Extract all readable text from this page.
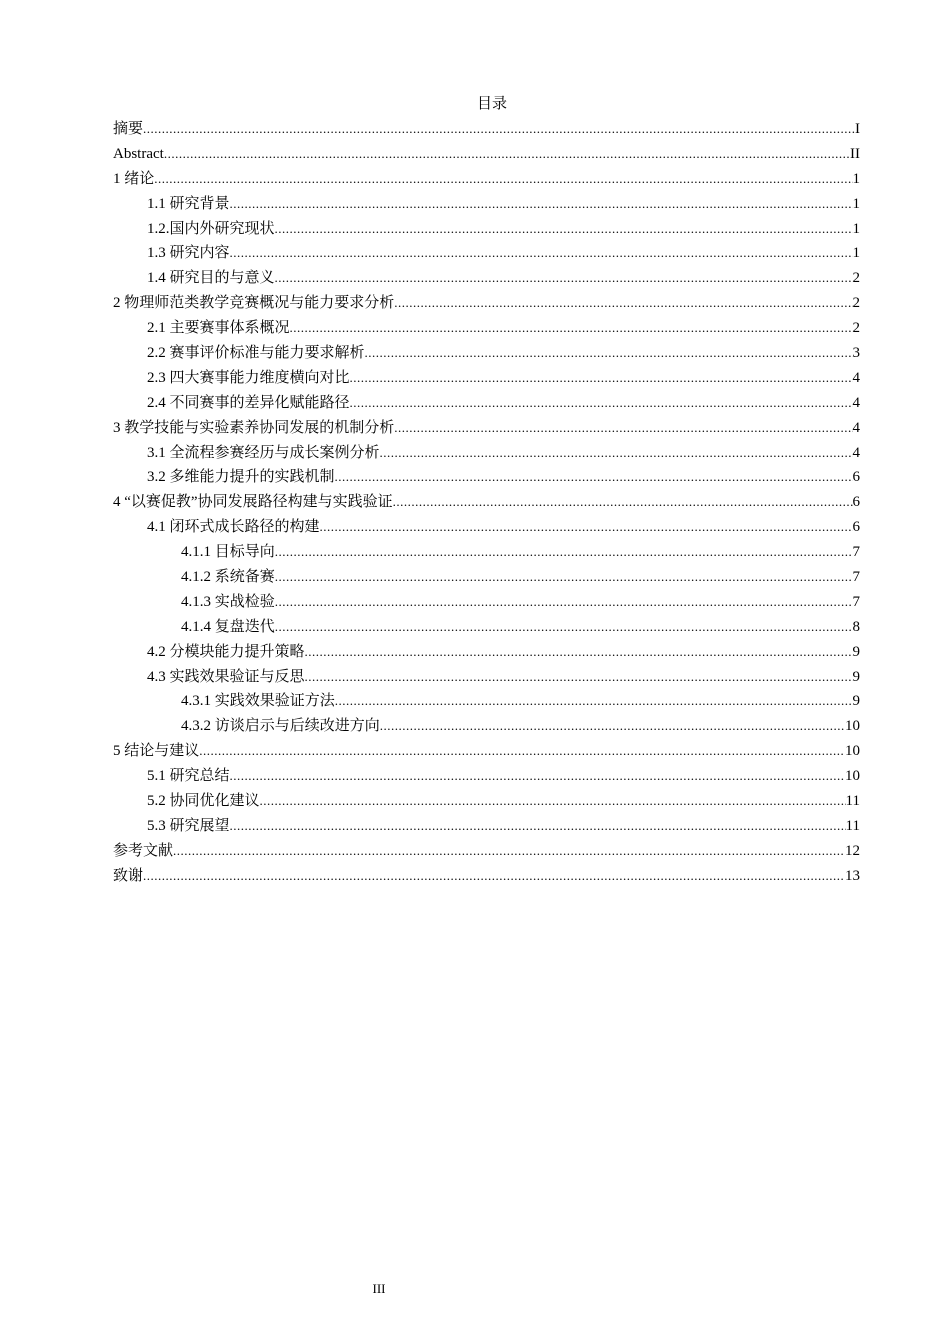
目录
摘要 .....	I
Abstract .....	II
1 绪论 .....	1
1.1 研究背景 .....	1
1.2.国内外研究现状 .....	1
1.3 研究内容 .....	1
1.4 研究目的与意义 .....	2
2 物理师范类教学竞赛概况与能力要求分析 .....	2
2.1 主要赛事体系概况 .....	2
2.2 赛事评价标准与能力要求解析 .....	3
2.3 四大赛事能力维度横向对比 .....	4
2.4 不同赛事的差异化赋能路径 .....	4
3 教学技能与实验素养协同发展的机制分析 .....	4
3.1 全流程参赛经历与成长案例分析 .....	4
3.2 多维能力提升的实践机制 .....	6
4 “以赛促教”协同发展路径构建与实践验证 .....	6
4.1 闭环式成长路径的构建 .....	6
4.1.1 目标导向 .....	7
4.1.2 系统备赛 .....	7
4.1.3 实战检验 .....	7
4.1.4 复盘迭代 .....	8
4.2 分模块能力提升策略 .....	9
4.3 实践效果验证与反思 .....	9
4.3.1 实践效果验证方法 .....	9
4.3.2 访谈启示与后续改进方向 .....	10
5 结论与建议 .....	10
5.1 研究总结 .....	10
5.2 协同优化建议 .....	11
5.3 研究展望 .....	11
参考文献 .....	12
致谢 .....	13
III
